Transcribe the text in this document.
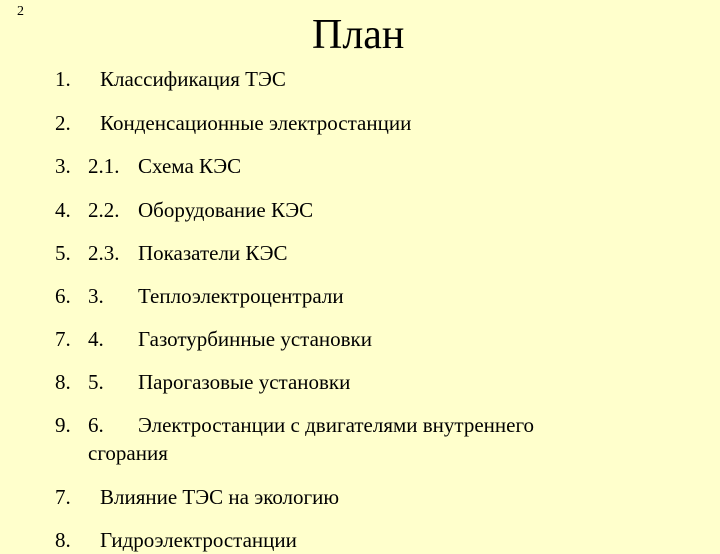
2
План
1. Классификация ТЭС
2. Конденсационные электростанции
3. 2.1. Схема КЭС
4. 2.2. Оборудование КЭС
5. 2.3. Показатели КЭС
6. 3. Теплоэлектроцентрали
7. 4. Газотурбинные установки
8. 5. Парогазовые установки
9. 6. Электростанции с двигателями внутреннего
сгорания
7. Влияние ТЭС на экологию
8. Гидроэлектростанции
